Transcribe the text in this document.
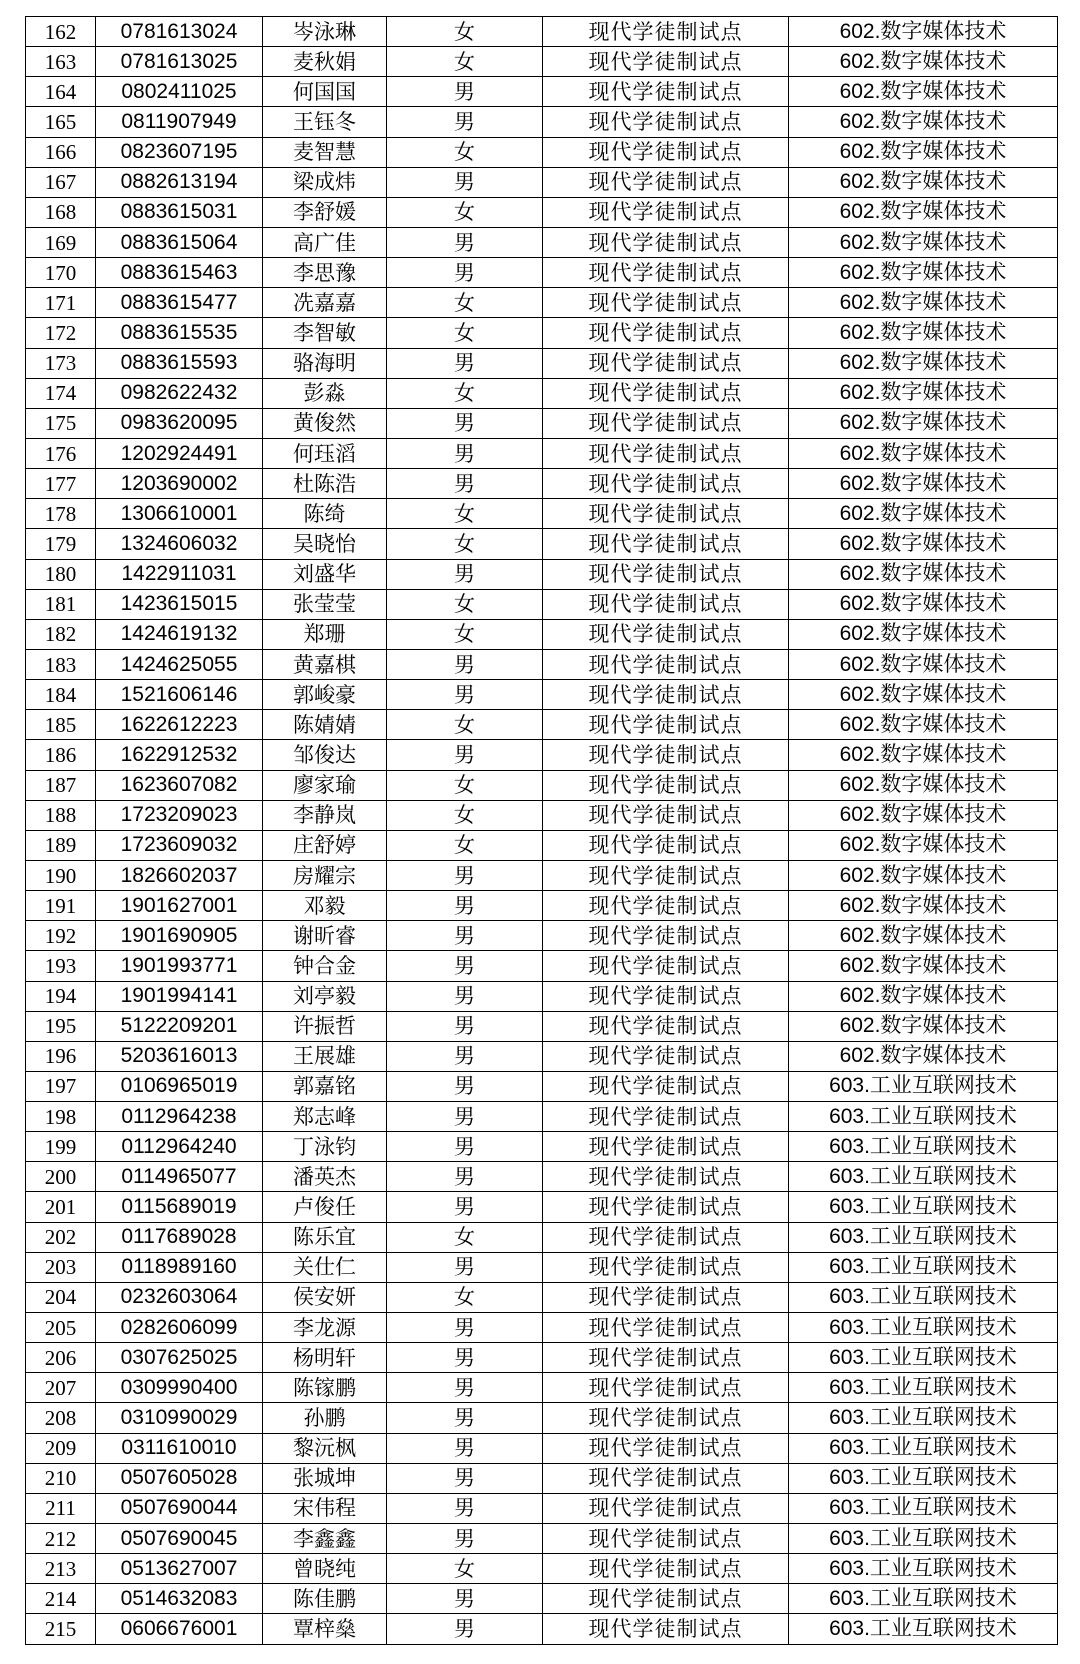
162	0781613024	岑泳琳	女	现代学徒制试点	602.数字媒体技术
163	0781613025	麦秋娟	女	现代学徒制试点	602.数字媒体技术
164	0802411025	何国国	男	现代学徒制试点	602.数字媒体技术
165	0811907949	王钰冬	男	现代学徒制试点	602.数字媒体技术
166	0823607195	麦智慧	女	现代学徒制试点	602.数字媒体技术
167	0882613194	梁成炜	男	现代学徒制试点	602.数字媒体技术
168	0883615031	李舒媛	女	现代学徒制试点	602.数字媒体技术
169	0883615064	高广佳	男	现代学徒制试点	602.数字媒体技术
170	0883615463	李思豫	男	现代学徒制试点	602.数字媒体技术
171	0883615477	冼嘉嘉	女	现代学徒制试点	602.数字媒体技术
172	0883615535	李智敏	女	现代学徒制试点	602.数字媒体技术
173	0883615593	骆海明	男	现代学徒制试点	602.数字媒体技术
174	0982622432	彭淼	女	现代学徒制试点	602.数字媒体技术
175	0983620095	黄俊然	男	现代学徒制试点	602.数字媒体技术
176	1202924491	何珏滔	男	现代学徒制试点	602.数字媒体技术
177	1203690002	杜陈浩	男	现代学徒制试点	602.数字媒体技术
178	1306610001	陈绮	女	现代学徒制试点	602.数字媒体技术
179	1324606032	吴晓怡	女	现代学徒制试点	602.数字媒体技术
180	1422911031	刘盛华	男	现代学徒制试点	602.数字媒体技术
181	1423615015	张莹莹	女	现代学徒制试点	602.数字媒体技术
182	1424619132	郑珊	女	现代学徒制试点	602.数字媒体技术
183	1424625055	黄嘉棋	男	现代学徒制试点	602.数字媒体技术
184	1521606146	郭峻豪	男	现代学徒制试点	602.数字媒体技术
185	1622612223	陈婧婧	女	现代学徒制试点	602.数字媒体技术
186	1622912532	邹俊达	男	现代学徒制试点	602.数字媒体技术
187	1623607082	廖家瑜	女	现代学徒制试点	602.数字媒体技术
188	1723209023	李静岚	女	现代学徒制试点	602.数字媒体技术
189	1723609032	庄舒婷	女	现代学徒制试点	602.数字媒体技术
190	1826602037	房耀宗	男	现代学徒制试点	602.数字媒体技术
191	1901627001	邓毅	男	现代学徒制试点	602.数字媒体技术
192	1901690905	谢昕睿	男	现代学徒制试点	602.数字媒体技术
193	1901993771	钟合金	男	现代学徒制试点	602.数字媒体技术
194	1901994141	刘亭毅	男	现代学徒制试点	602.数字媒体技术
195	5122209201	许振哲	男	现代学徒制试点	602.数字媒体技术
196	5203616013	王展雄	男	现代学徒制试点	602.数字媒体技术
197	0106965019	郭嘉铭	男	现代学徒制试点	603.工业互联网技术
198	0112964238	郑志峰	男	现代学徒制试点	603.工业互联网技术
199	0112964240	丁泳钧	男	现代学徒制试点	603.工业互联网技术
200	0114965077	潘英杰	男	现代学徒制试点	603.工业互联网技术
201	0115689019	卢俊任	男	现代学徒制试点	603.工业互联网技术
202	0117689028	陈乐宜	女	现代学徒制试点	603.工业互联网技术
203	0118989160	关仕仁	男	现代学徒制试点	603.工业互联网技术
204	0232603064	侯安妍	女	现代学徒制试点	603.工业互联网技术
205	0282606099	李龙源	男	现代学徒制试点	603.工业互联网技术
206	0307625025	杨明轩	男	现代学徒制试点	603.工业互联网技术
207	0309990400	陈镓鹏	男	现代学徒制试点	603.工业互联网技术
208	0310990029	孙鹏	男	现代学徒制试点	603.工业互联网技术
209	0311610010	黎沅枫	男	现代学徒制试点	603.工业互联网技术
210	0507605028	张城坤	男	现代学徒制试点	603.工业互联网技术
211	0507690044	宋伟程	男	现代学徒制试点	603.工业互联网技术
212	0507690045	李鑫鑫	男	现代学徒制试点	603.工业互联网技术
213	0513627007	曾晓纯	女	现代学徒制试点	603.工业互联网技术
214	0514632083	陈佳鹏	男	现代学徒制试点	603.工业互联网技术
215	0606676001	覃梓燊	男	现代学徒制试点	603.工业互联网技术
